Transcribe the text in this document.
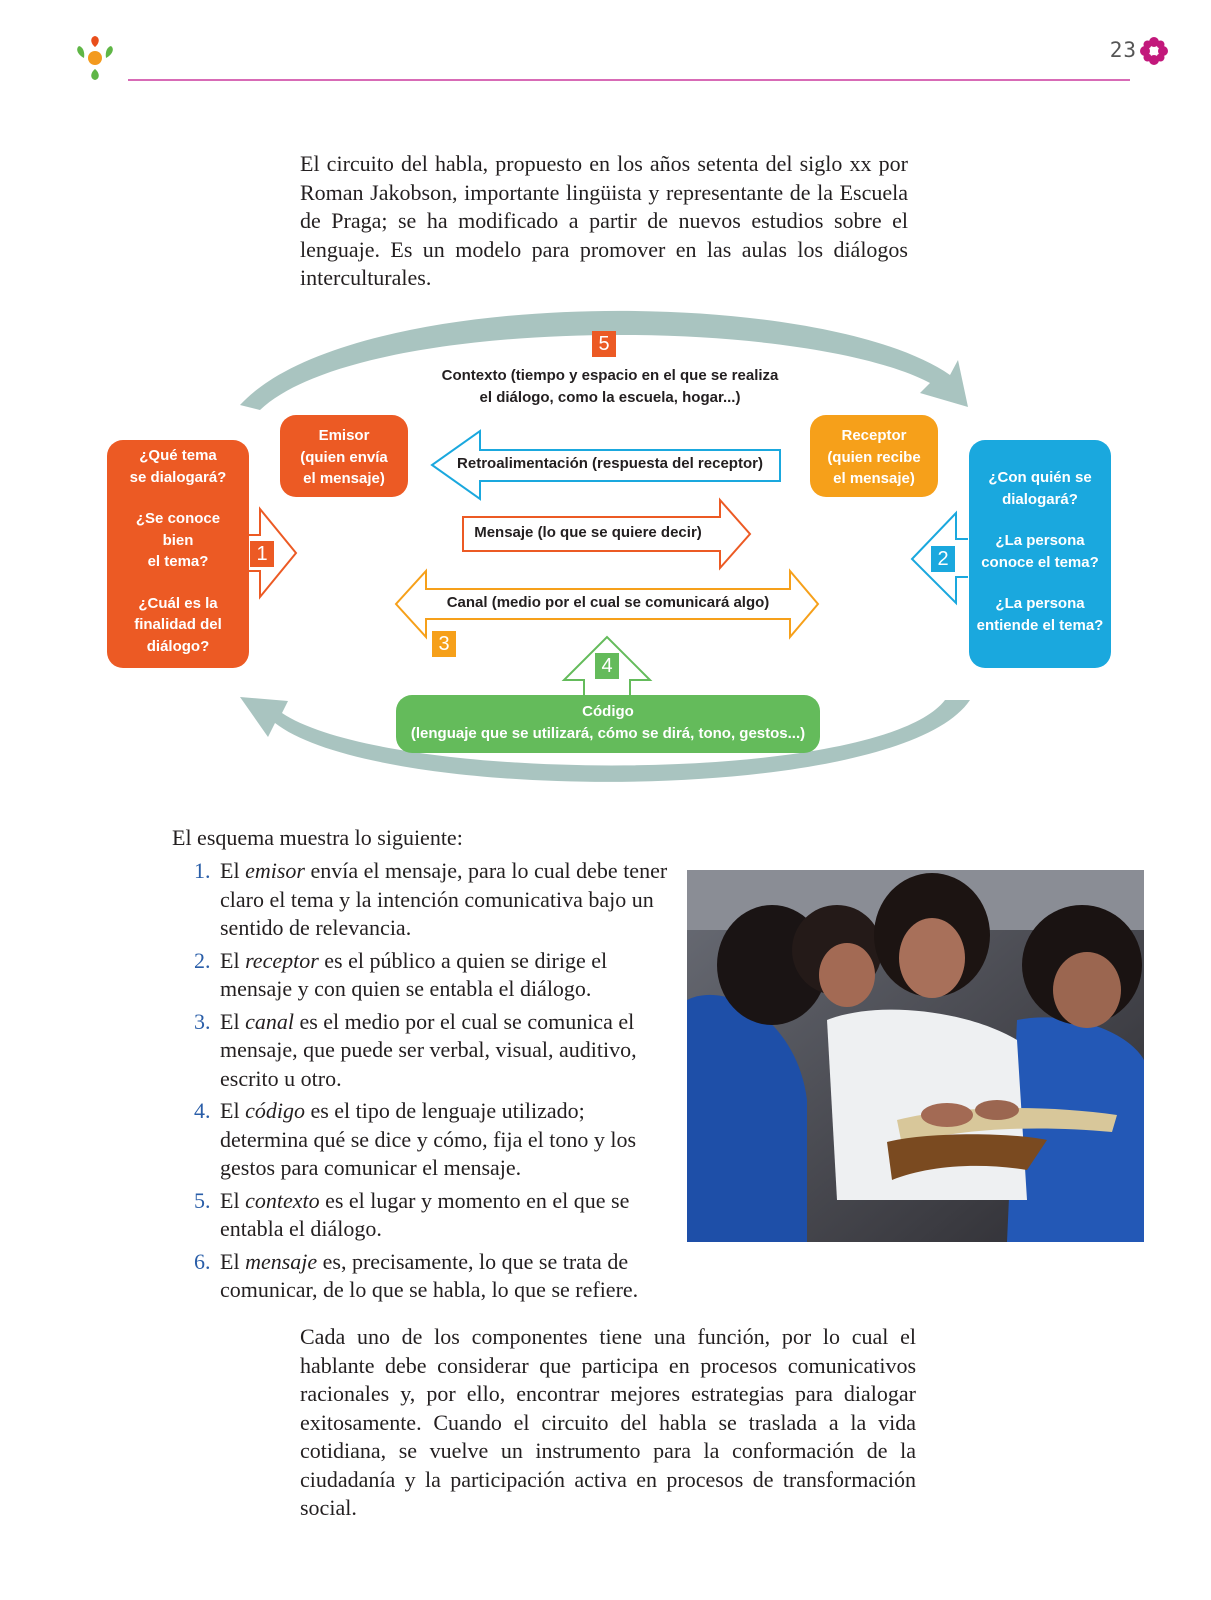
23

El circuito del habla, propuesto en los años setenta del siglo xx por Roman Jakobson, importante lingüista y representante de la Escuela de Praga; se ha modificado a partir de nuevos estudios sobre el lenguaje. Es un modelo para promover en las aulas los diálogos interculturales.

5
Contexto (tiempo y espacio en el que se realiza
el diálogo, como la escuela, hogar...)
Emisor
(quien envía
el mensaje)
Receptor
(quien recibe
el mensaje)
Retroalimentación (respuesta del receptor)
Mensaje (lo que se quiere decir)
Canal (medio por el cual se comunicará algo)
3
4
Código
(lenguaje que se utilizará, cómo se dirá, tono, gestos...)

¿Qué tema
se dialogará?

¿Se conoce
bien
el tema?

¿Cuál es la
finalidad del
diálogo?

1

¿Con quién se
dialogará?

¿La persona
conoce el tema?

¿La persona
entiende el tema?

2

El esquema muestra lo siguiente:

1. El emisor envía el mensaje, para lo cual debe tener claro el tema y la intención comunicativa bajo un sentido de relevancia.
2. El receptor es el público a quien se dirige el mensaje y con quien se entabla el diálogo.
3. El canal es el medio por el cual se comunica el mensaje, que puede ser verbal, visual, auditivo, escrito u otro.
4. El código es el tipo de lenguaje utilizado; determina qué se dice y cómo, fija el tono y los gestos para comunicar el mensaje.
5. El contexto es el lugar y momento en el que se entabla el diálogo.
6. El mensaje es, precisamente, lo que se trata de comunicar, de lo que se habla, lo que se refiere.

Cada uno de los componentes tiene una función, por lo cual el hablante debe considerar que participa en procesos comunicativos racionales y, por ello, encontrar mejores estrategias para dialogar exitosamente. Cuando el circuito del habla se traslada a la vida cotidiana, se vuelve un instrumento para la conformación de la ciudadanía y la participación activa en procesos de transformación social.
